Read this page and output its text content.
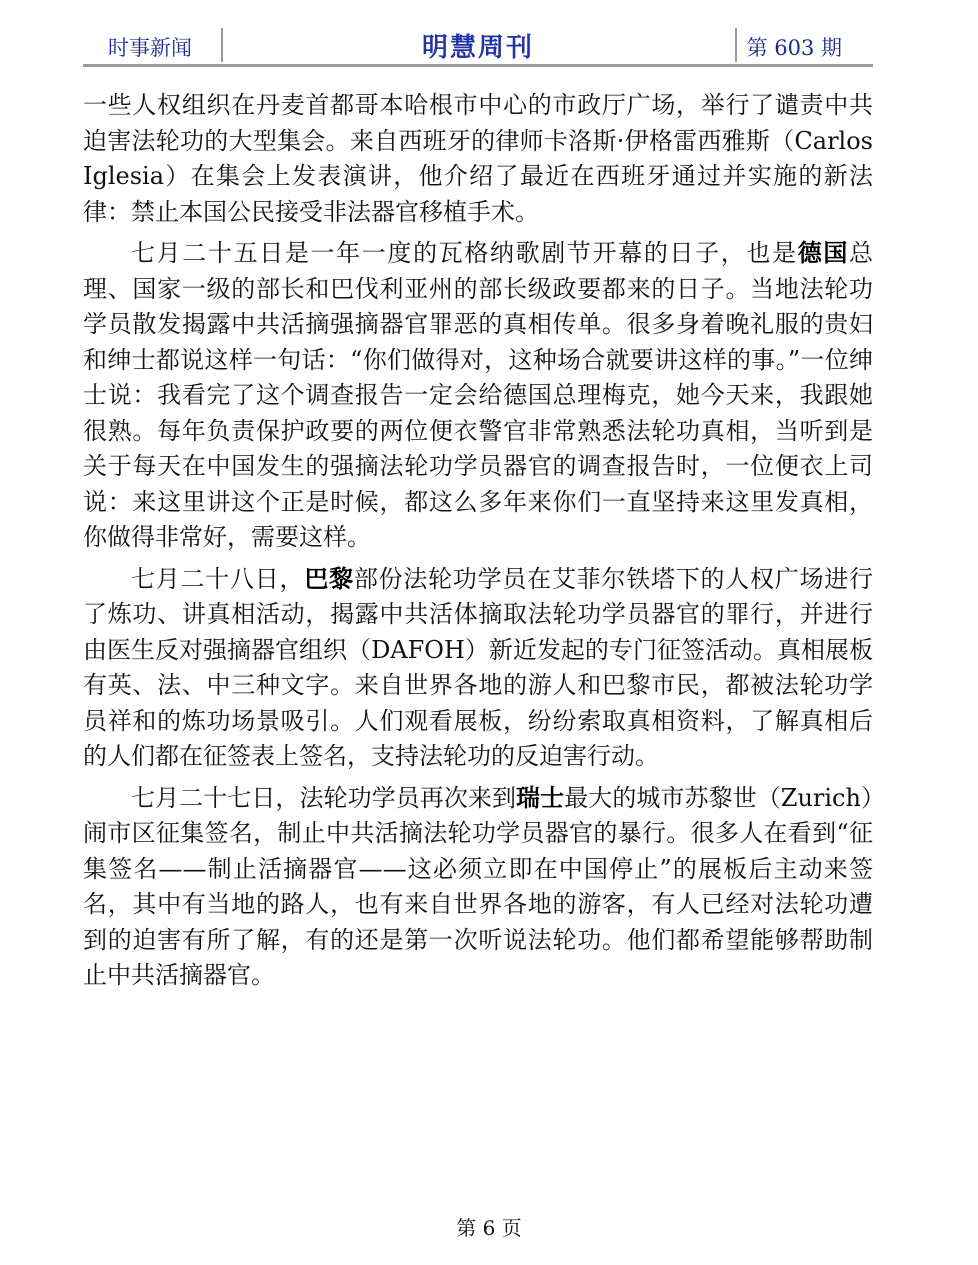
时事新闻	明慧周刊	第 603 期

一些人权组织在丹麦首都哥本哈根市中心的市政厅广场，举行了谴责中共迫害法轮功的大型集会。来自西班牙的律师卡洛斯·伊格雷西雅斯（Carlos Iglesia）在集会上发表演讲，他介绍了最近在西班牙通过并实施的新法律：禁止本国公民接受非法器官移植手术。

七月二十五日是一年一度的瓦格纳歌剧节开幕的日子，也是德国总理、国家一级的部长和巴伐利亚州的部长级政要都来的日子。当地法轮功学员散发揭露中共活摘强摘器官罪恶的真相传单。很多身着晚礼服的贵妇和绅士都说这样一句话：“你们做得对，这种场合就要讲这样的事。”一位绅士说：我看完了这个调查报告一定会给德国总理梅克，她今天来，我跟她很熟。每年负责保护政要的两位便衣警官非常熟悉法轮功真相，当听到是关于每天在中国发生的强摘法轮功学员器官的调查报告时，一位便衣上司说：来这里讲这个正是时候，都这么多年来你们一直坚持来这里发真相，你做得非常好，需要这样。

七月二十八日，巴黎部份法轮功学员在艾菲尔铁塔下的人权广场进行了炼功、讲真相活动，揭露中共活体摘取法轮功学员器官的罪行，并进行由医生反对强摘器官组织（DAFOH）新近发起的专门征签活动。真相展板有英、法、中三种文字。来自世界各地的游人和巴黎市民，都被法轮功学员祥和的炼功场景吸引。人们观看展板，纷纷索取真相资料，了解真相后的人们都在征签表上签名，支持法轮功的反迫害行动。

七月二十七日，法轮功学员再次来到瑞士最大的城市苏黎世（Zurich）闹市区征集签名，制止中共活摘法轮功学员器官的暴行。很多人在看到“征集签名——制止活摘器官——这必须立即在中国停止”的展板后主动来签名，其中有当地的路人，也有来自世界各地的游客，有人已经对法轮功遭到的迫害有所了解，有的还是第一次听说法轮功。他们都希望能够帮助制止中共活摘器官。

第 6 页
